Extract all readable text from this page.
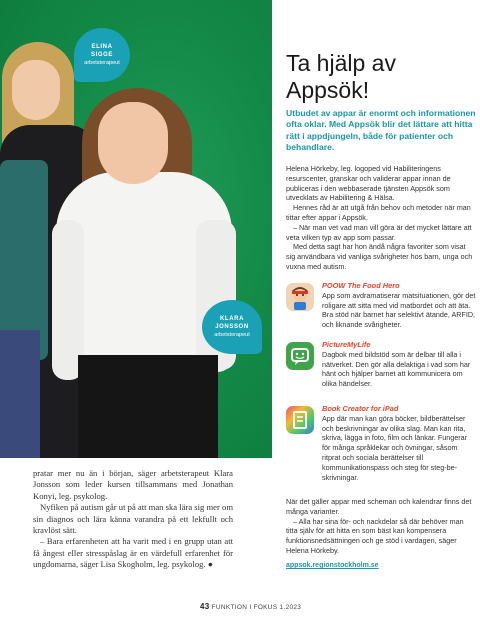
ELINA
SIGGE
arbetsterapeut
KLARA
JONSSON
arbetsterapeut

pratar mer nu än i början, säger arbetsterapeut Klara Jonsson som leder kursen tillsammans med Jonathan Konyi, leg. psykolog.

Nyfiken på autism går ut på att man ska lära sig mer om sin diagnos och lära känna varandra på ett lekfullt och kravlöst sätt.

– Bara erfarenheten att ha varit med i en grupp utan att få ångest eller stresspåslag är en värdefull erfarenhet för ungdomarna, säger Lisa Skogholm, leg. psykolog. ●

Ta hjälp av Appsök!

Utbudet av appar är enormt och informationen ofta oklar. Med Appsök blir det lättare att hitta rätt i appdjungeln, både för patienter och behandlare.

Helena Hörkeby, leg. logoped vid Habiliteringens resurscenter, granskar och validerar appar innan de publiceras i den webbaserade tjänsten Appsök som utvecklats av Habilitering & Hälsa.

Hennes råd är att utgå från behov och metoder när man tittar efter appar i Appsök.

– När man vet vad man vill göra är det mycket lättare att veta vilken typ av app som passar.

Med detta sagt har hon ändå några favoriter som visat sig användbara vid vanliga svårigheter hos barn, unga och vuxna med autism.

POOW The Food Hero
App som avdramatiserar matsituationen, gör det roligare att sitta med vid matbordet och att äta. Bra stöd när barnet har selektivt ätande, ARFID, och liknande svårigheter.
PictureMyLife
Dagbok med bildstöd som är delbar till alla i nätverket. Den gör alla delaktiga i vad som har hänt och hjälper barnet att kommunicera om olika händelser.
Book Creator for iPad
App där man kan göra böcker, bildberättelser och beskrivningar av olika slag. Man kan rita, skriva, lägga in foto, film och länkar. Fungerar för många språklekar och övningar, såsom ritprat och sociala berättelser till kommunikationspass och steg för steg-beskrivningar.

När det gäller appar med scheman och kalendrar finns det många varianter.

– Alla har sina för- och nackdelar så där behöver man titta själv för att hitta en som bäst kan kompensera funktionsnedsättningen och ge stöd i vardagen, säger Helena Hörkeby.

appsok.regionstockholm.se
43 FUNKTION I FOKUS 1.2023
